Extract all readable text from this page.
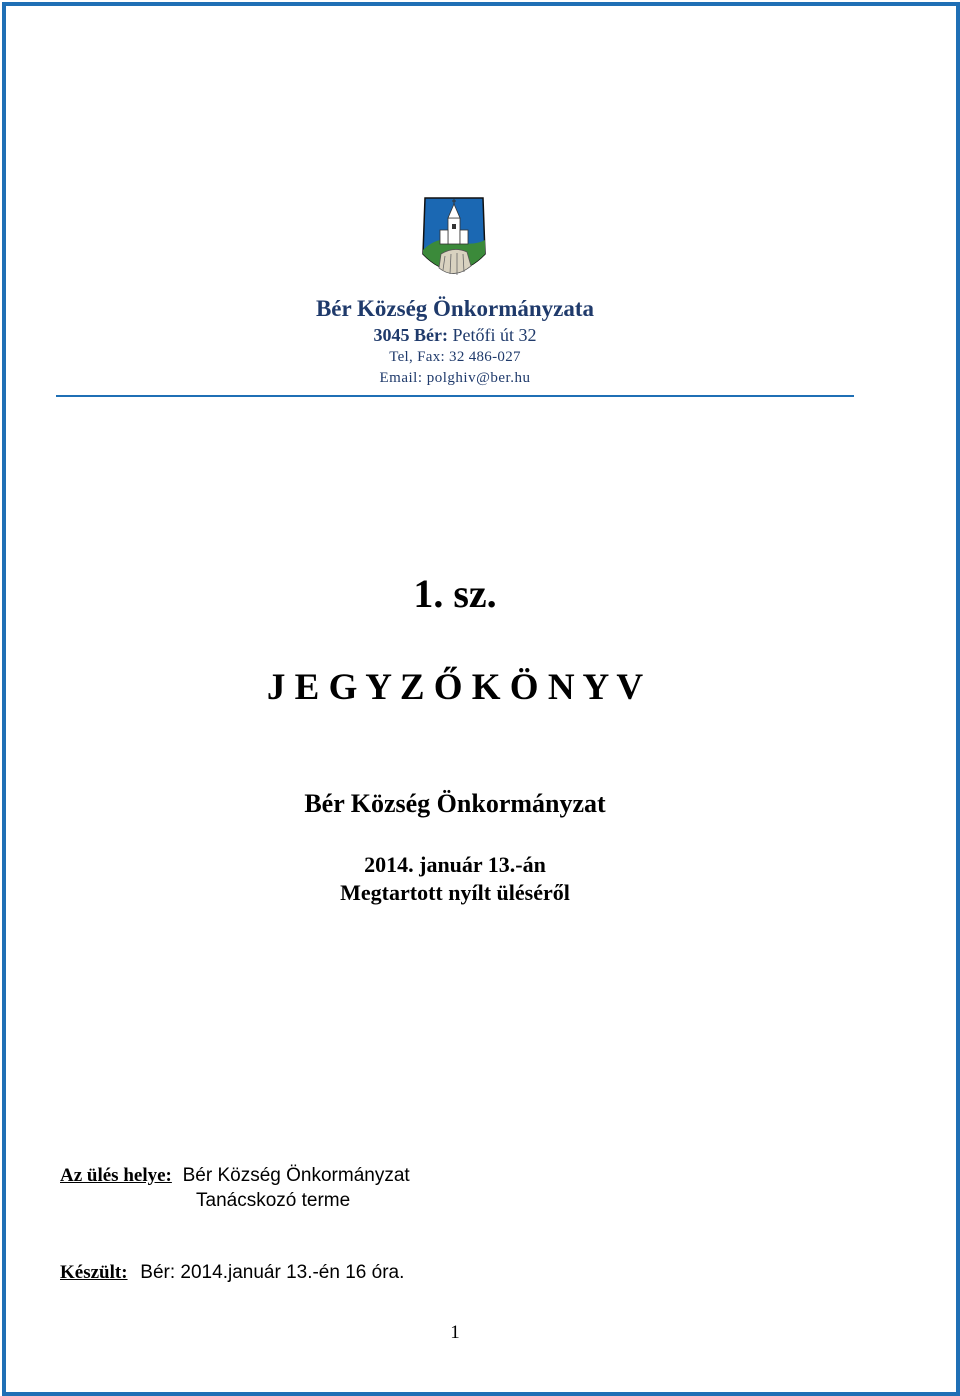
Bér Község Önkormányzata
3045 Bér: Petőfi út 32
Tel, Fax: 32 486-027
Email: polghiv@ber.hu
1. sz.
J E G Y Z Ő K Ö N Y V
Bér Község Önkormányzat
2014. január 13.-án
Megtartott nyílt üléséről
Az ülés helye: Bér Község Önkormányzat
Tanácskozó terme
Készült: Bér: 2014.január 13.-én 16 óra.
1
